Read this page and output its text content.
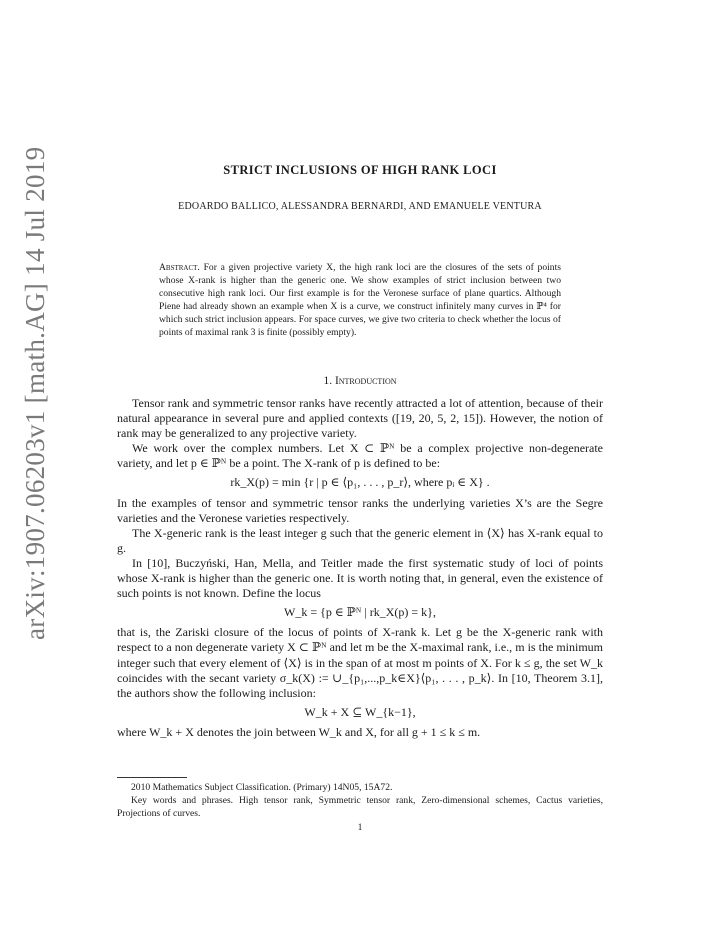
arXiv:1907.06203v1 [math.AG] 14 Jul 2019	STRICT INCLUSIONS OF HIGH RANK LOCI
EDOARDO BALLICO, ALESSANDRA BERNARDI, AND EMANUELE VENTURA
Abstract. For a given projective variety X, the high rank loci are the closures of the sets of points whose X-rank is higher than the generic one. We show examples of strict inclusion between two consecutive high rank loci. Our first example is for the Veronese surface of plane quartics. Although Piene had already shown an example when X is a curve, we construct infinitely many curves in ℙ⁴ for which such strict inclusion appears. For space curves, we give two criteria to check whether the locus of points of maximal rank 3 is finite (possibly empty).
1. Introduction

Tensor rank and symmetric tensor ranks have recently attracted a lot of attention, because of their natural appearance in several pure and applied contexts ([19, 20, 5, 2, 15]). However, the notion of rank may be generalized to any projective variety.

We work over the complex numbers. Let X ⊂ ℙᴺ be a complex projective non-degenerate variety, and let p ∈ ℙᴺ be a point. The X-rank of p is defined to be:

rk_X(p) = min {r | p ∈ ⟨p₁, . . . , p_r⟩, where pᵢ ∈ X} .

In the examples of tensor and symmetric tensor ranks the underlying varieties X’s are the Segre varieties and the Veronese varieties respectively.

The X-generic rank is the least integer g such that the generic element in ⟨X⟩ has X-rank equal to g.

In [10], Buczyński, Han, Mella, and Teitler made the first systematic study of loci of points whose X-rank is higher than the generic one. It is worth noting that, in general, even the existence of such points is not known. Define the locus

W_k = {p ∈ ℙᴺ | rk_X(p) = k},

that is, the Zariski closure of the locus of points of X-rank k. Let g be the X-generic rank with respect to a non degenerate variety X ⊂ ℙᴺ and let m be the X-maximal rank, i.e., m is the minimum integer such that every element of ⟨X⟩ is in the span of at most m points of X. For k ≤ g, the set W_k coincides with the secant variety σ_k(X) := ∪_{p₁,...,p_k∈X}⟨p₁, . . . , p_k⟩. In [10, Theorem 3.1], the authors show the following inclusion:

W_k + X ⊆ W_{k−1},

where W_k + X denotes the join between W_k and X, for all g + 1 ≤ k ≤ m.

2010 Mathematics Subject Classification. (Primary) 14N05, 15A72.

Key words and phrases. High tensor rank, Symmetric tensor rank, Zero-dimensional schemes, Cactus varieties, Projections of curves.

1
